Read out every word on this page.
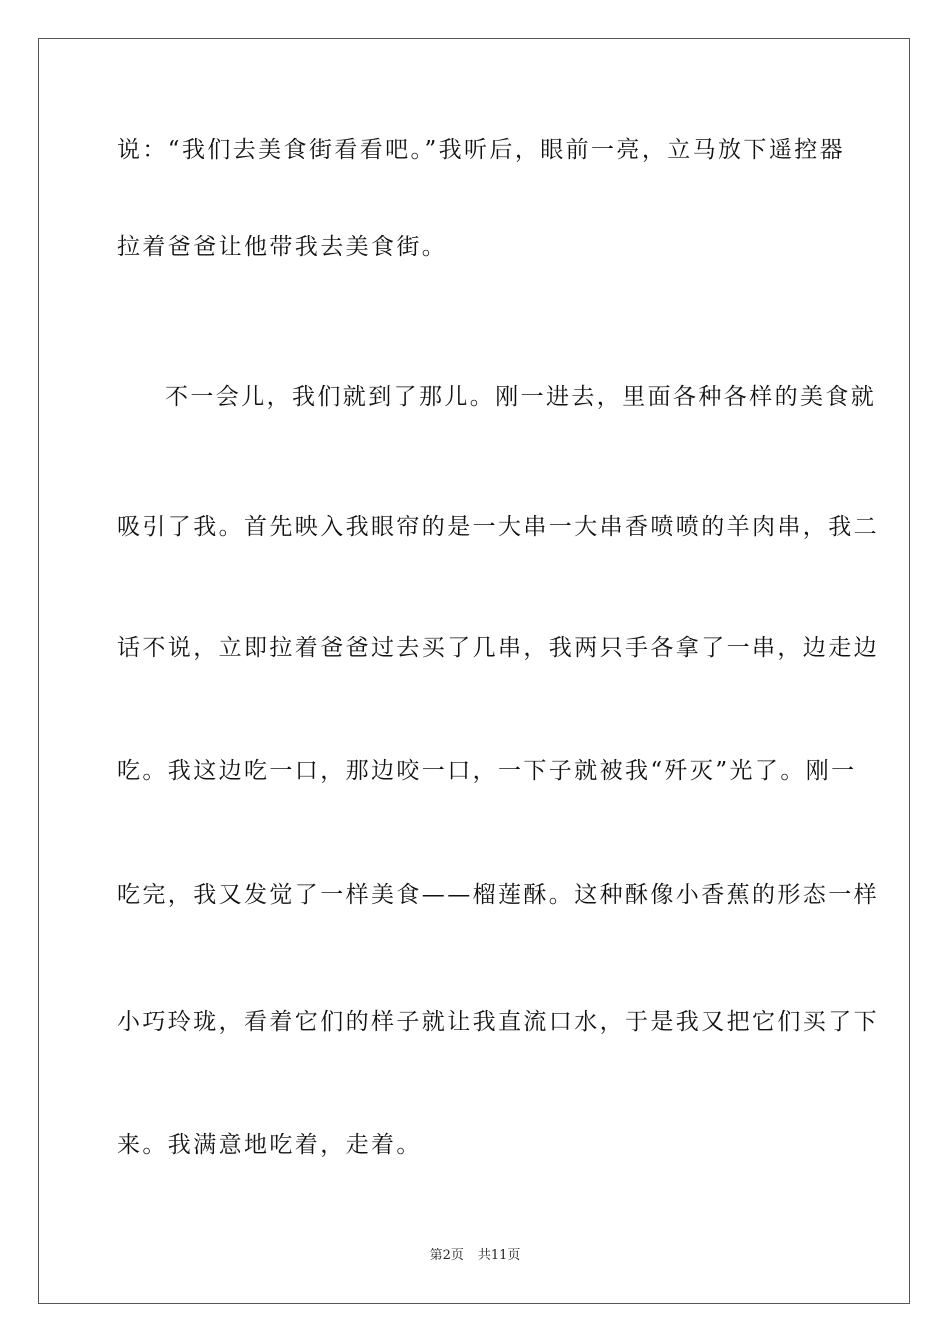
说：“我们去美食街看看吧。”我听后，眼前一亮，立马放下遥控器
拉着爸爸让他带我去美食街。
不一会儿，我们就到了那儿。刚一进去，里面各种各样的美食就
吸引了我。首先映入我眼帘的是一大串一大串香喷喷的羊肉串，我二
话不说，立即拉着爸爸过去买了几串，我两只手各拿了一串，边走边
吃。我这边吃一口，那边咬一口，一下子就被我“歼灭”光了。刚一
吃完，我又发觉了一样美食——榴莲酥。这种酥像小香蕉的形态一样
小巧玲珑，看着它们的样子就让我直流口水，于是我又把它们买了下
来。我满意地吃着，走着。
第2页 共11页
